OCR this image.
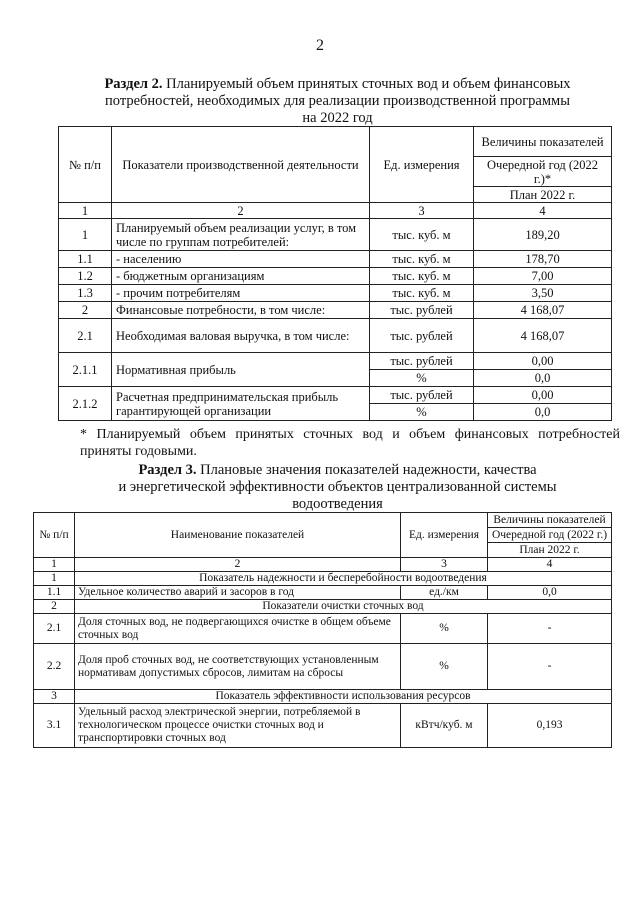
2
Раздел 2. Планируемый объем принятых сточных вод и объем финансовых
потребностей, необходимых для реализации производственной программы
на 2022 год
№ п/п	Показатели производственной деятельности	Ед. измерения	Величины показателей
			Очередной год (2022 г.)*
			План 2022 г.
1	2	3	4
1	Планируемый объем реализации услуг, в том числе по группам потребителей:	тыс. куб. м	189,20
1.1	- населению	тыс. куб. м	178,70
1.2	- бюджетным организациям	тыс. куб. м	7,00
1.3	- прочим потребителям	тыс. куб. м	3,50
2	Финансовые потребности, в том числе:	тыс. рублей	4 168,07
2.1	Необходимая валовая выручка, в том числе:	тыс. рублей	4 168,07
2.1.1	Нормативная прибыль	тыс. рублей	0,00
		%	0,0
2.1.2	Расчетная предпринимательская прибыль гарантирующей организации	тыс. рублей	0,00
		%	0,0
* Планируемый объем принятых сточных вод и объем финансовых потребностей приняты годовыми.
Раздел 3. Плановые значения показателей надежности, качества
и энергетической эффективности объектов централизованной системы
водоотведения
№ п/п	Наименование показателей	Ед. измерения	Величины показателей
			Очередной год (2022 г.)
			План 2022 г.
1	2	3	4
1	Показатель надежности и бесперебойности водоотведения		
1.1	Удельное количество аварий и засоров в год	ед./км	0,0
2	Показатели очистки сточных вод		
2.1	Доля сточных вод, не подвергающихся очистке в общем объеме сточных вод	%	-
2.2	Доля проб сточных вод, не соответствующих установленным нормативам допустимых сбросов, лимитам на сбросы	%	-
3	Показатель эффективности использования ресурсов		
3.1	Удельный расход электрической энергии, потребляемой в технологическом процессе очистки сточных вод и транспортировки сточных вод	кВтч/куб. м	0,193
